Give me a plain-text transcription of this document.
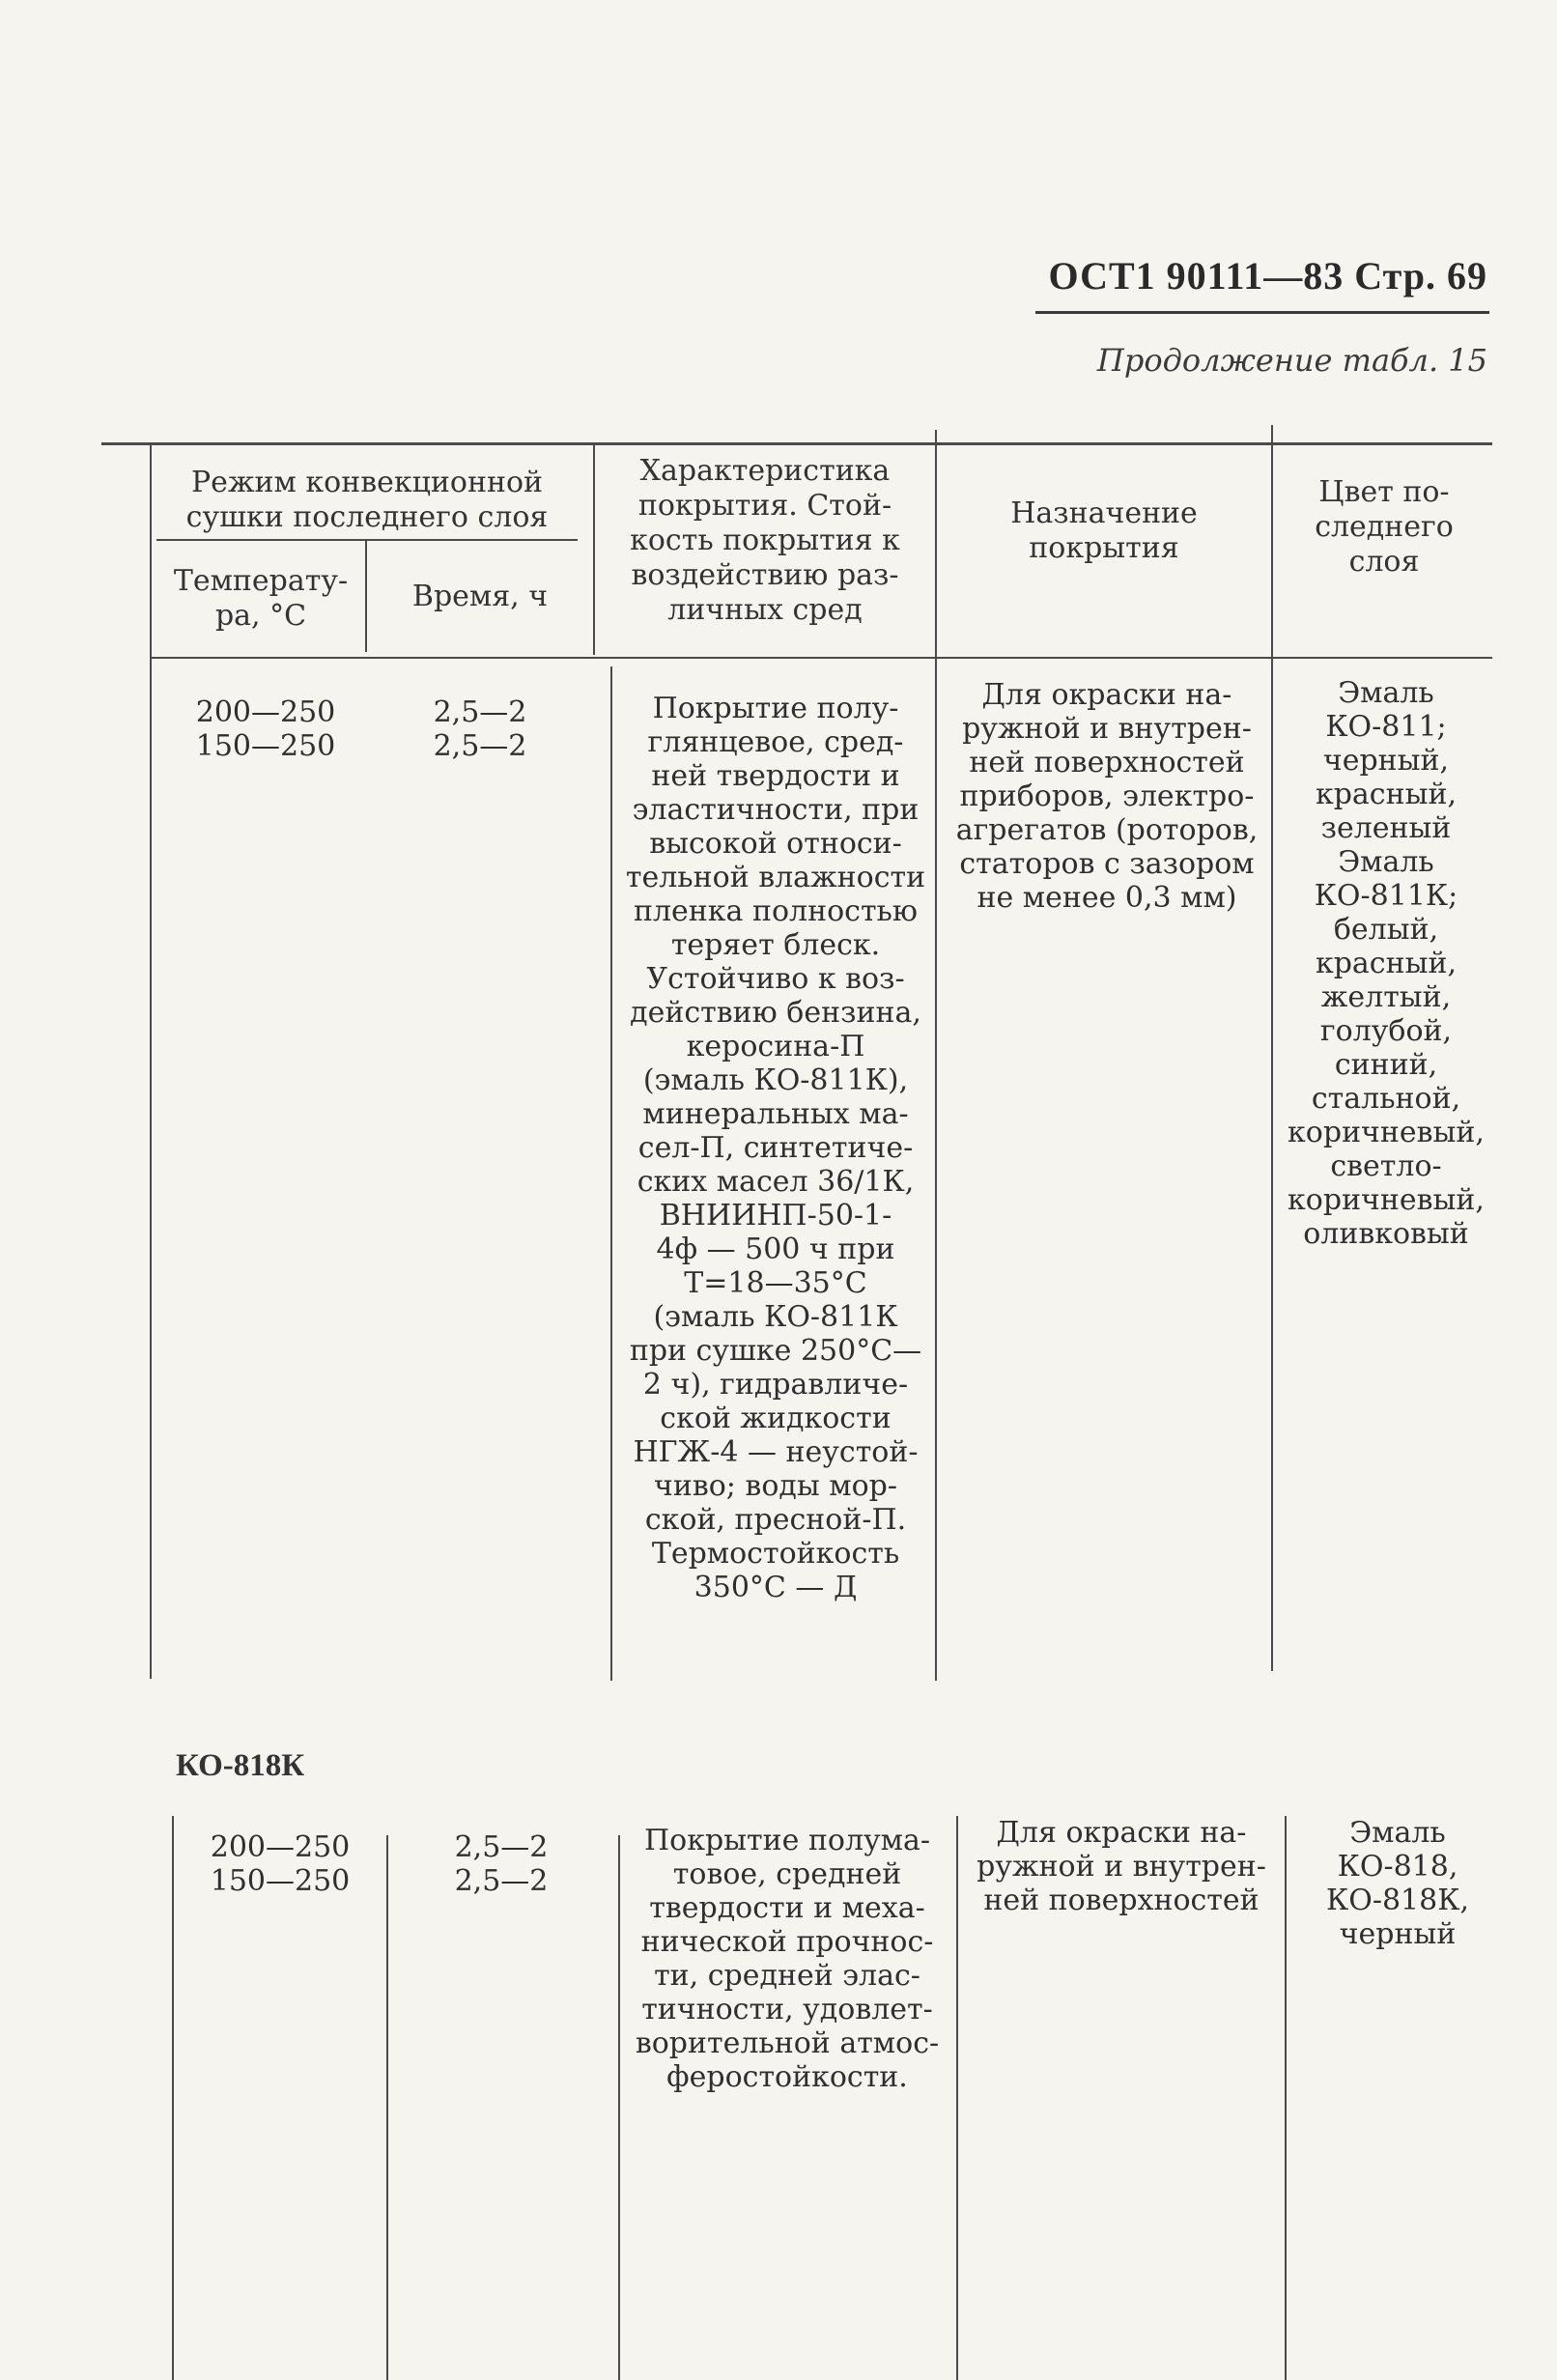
ОСТ1 90111—83 Стр. 69
Продолжение табл. 15
Режим конвекционной
сушки последнего слоя
Температу-
ра, °С
Время, ч
Характеристика
покрытия. Стой-
кость покрытия к
воздействию раз-
личных сред
Назначение
покрытия
Цвет по-
следнего
слоя
200—250
150—250
2,5—2
2,5—2
Покрытие полу-
глянцевое, сред-
ней твердости и
эластичности, при
высокой относи-
тельной влажности
пленка полностью
теряет блеск.
Устойчиво к воз-
действию бензина,
керосина-П
(эмаль КО-811К),
минеральных ма-
сел-П, синтетиче-
ских масел 36/1К,
ВНИИНП-50-1-
4ф — 500 ч при
Т=18—35°С
(эмаль КО-811К
при сушке 250°С—
2 ч), гидравличе-
ской жидкости
НГЖ-4 — неустой-
чиво; воды мор-
ской, пресной-П.
Термостойкость
350°С — Д
Для окраски на-
ружной и внутрен-
ней поверхностей
приборов, электро-
агрегатов (роторов,
статоров с зазором
не менее 0,3 мм)
Эмаль
КО-811;
черный,
красный,
зеленый
Эмаль
КО-811К;
белый,
красный,
желтый,
голубой,
синий,
стальной,
коричневый,
светло-
коричневый,
оливковый
КО-818К
200—250
150—250
2,5—2
2,5—2
Покрытие полума-
товое, средней
твердости и меха-
нической прочнос-
ти, средней элас-
тичности, удовлет-
ворительной атмос-
феростойкости.
Для окраски на-
ружной и внутрен-
ней поверхностей
Эмаль
КО-818,
КО-818К,
черный
